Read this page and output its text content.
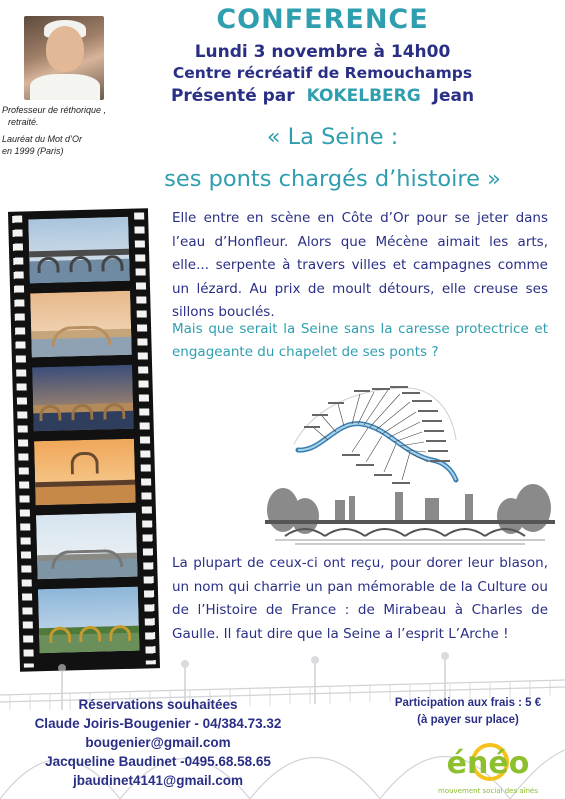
Professeur de réthorique ,
retraité.
Lauréat du Mot d’Or
en 1999 (Paris)
CONFERENCE
Lundi 3 novembre à 14h00
Centre récréatif de Remouchamps
Présenté par KOKELBERG Jean
« La Seine :
ses ponts chargés d’histoire »
Elle entre en scène en Côte d’Or pour se jeter dans l’eau d’Honfleur. Alors que Mécène aimait les arts, elle... serpente à travers villes et campagnes comme un lézard. Au prix de moult détours, elle creuse ses sillons bouclés.
Mais que serait la Seine sans la caresse protectrice et engageante du chapelet de ses ponts ?
La plupart de ceux-ci ont reçu, pour dorer leur blason, un nom qui charrie un pan mémorable de la Culture ou de l’Histoire de France : de Mirabeau à Charles de Gaulle. Il faut dire que la Seine a l’esprit L’Arche !
Réservations souhaitées
Claude Joiris-Bougenier - 04/384.73.32
bougenier@gmail.com
Jacqueline Baudinet -0495.68.58.65
jbaudinet4141@gmail.com
Participation aux frais : 5 €
(à payer sur place)
énéo
mouvement social des aînés
